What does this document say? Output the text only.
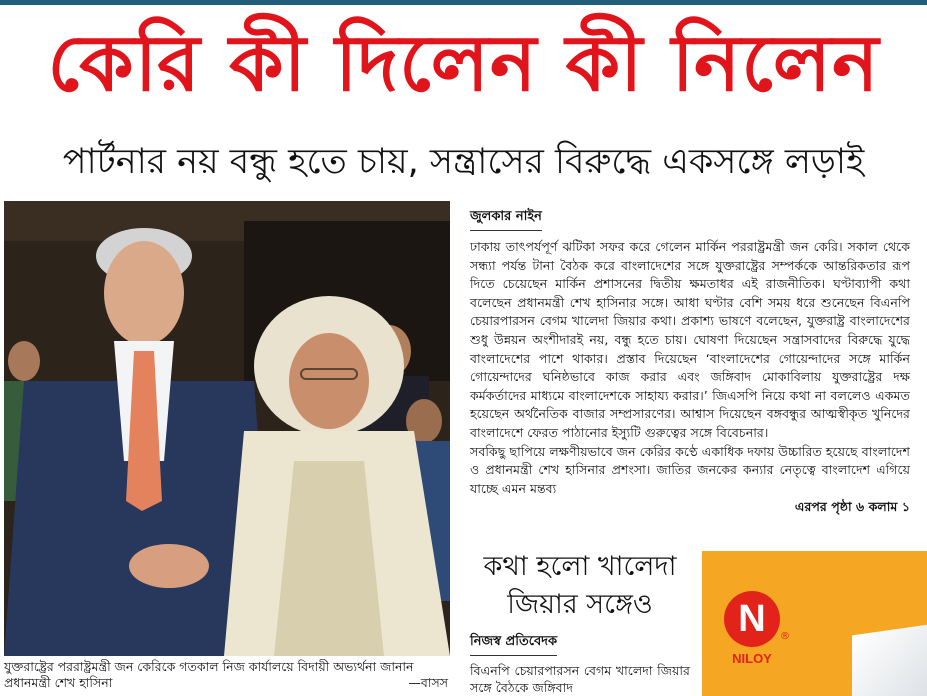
কেরি কী দিলেন কী নিলেন
পার্টনার নয় বন্ধু হতে চায়, সন্ত্রাসের বিরুদ্ধে একসঙ্গে লড়াই
যুক্তরাষ্ট্রের পররাষ্ট্রমন্ত্রী জন কেরিকে গতকাল নিজ কার্যালয়ে বিদায়ী অভ্যর্থনা জানান প্রধানমন্ত্রী শেখ হাসিনা	—বাসস
জুলকার নাইন

ঢাকায় তাৎপর্যপূর্ণ ঝটিকা সফর করে গেলেন মার্কিন পররাষ্ট্রমন্ত্রী জন কেরি। সকাল থেকে সন্ধ্যা পর্যন্ত টানা বৈঠক করে বাংলাদেশের সঙ্গে যুক্তরাষ্ট্রের সম্পর্ককে আন্তরিকতার রূপ দিতে চেয়েছেন মার্কিন প্রশাসনের দ্বিতীয় ক্ষমতাধর এই রাজনীতিক। ঘণ্টাব্যাপী কথা বলেছেন প্রধানমন্ত্রী শেখ হাসিনার সঙ্গে। আধা ঘণ্টার বেশি সময় ধরে শুনেছেন বিএনপি চেয়ারপারসন বেগম খালেদা জিয়ার কথা। প্রকাশ্য ভাষণে বলেছেন, যুক্তরাষ্ট্র বাংলাদেশের শুধু উন্নয়ন অংশীদারই নয়, বন্ধু হতে চায়। ঘোষণা দিয়েছেন সন্ত্রাসবাদের বিরুদ্ধে যুদ্ধে বাংলাদেশের পাশে থাকার। প্রস্তাব দিয়েছেন ‘বাংলাদেশের গোয়েন্দাদের সঙ্গে মার্কিন গোয়েন্দাদের ঘনিষ্ঠভাবে কাজ করার এবং জঙ্গিবাদ মোকাবিলায় যুক্তরাষ্ট্রের দক্ষ কর্মকর্তাদের মাধ্যমে বাংলাদেশকে সাহায্য করার।’ জিএসপি নিয়ে কথা না বললেও একমত হয়েছেন অর্থনৈতিক বাজার সম্প্রসারণের। আশ্বাস দিয়েছেন বঙ্গবন্ধুর আত্মস্বীকৃত খুনিদের বাংলাদেশে ফেরত পাঠানোর ইস্যুটি গুরুত্বের সঙ্গে বিবেচনার।

সবকিছু ছাপিয়ে লক্ষণীয়ভাবে জন কেরির কণ্ঠে একাধিক দফায় উচ্চারিত হয়েছে বাংলাদেশ ও প্রধানমন্ত্রী শেখ হাসিনার প্রশংসা। জাতির জনকের কন্যার নেতৃত্বে বাংলাদেশ এগিয়ে যাচ্ছে এমন মন্তব্য

এরপর পৃষ্ঠা ৬ কলাম ১

কথা হলো খালেদা জিয়ার সঙ্গেও
নিজস্ব প্রতিবেদক
বিএনপি চেয়ারপারসন বেগম খালেদা জিয়ার সঙ্গে বৈঠকে জঙ্গিবাদ
N	®
NILOY
